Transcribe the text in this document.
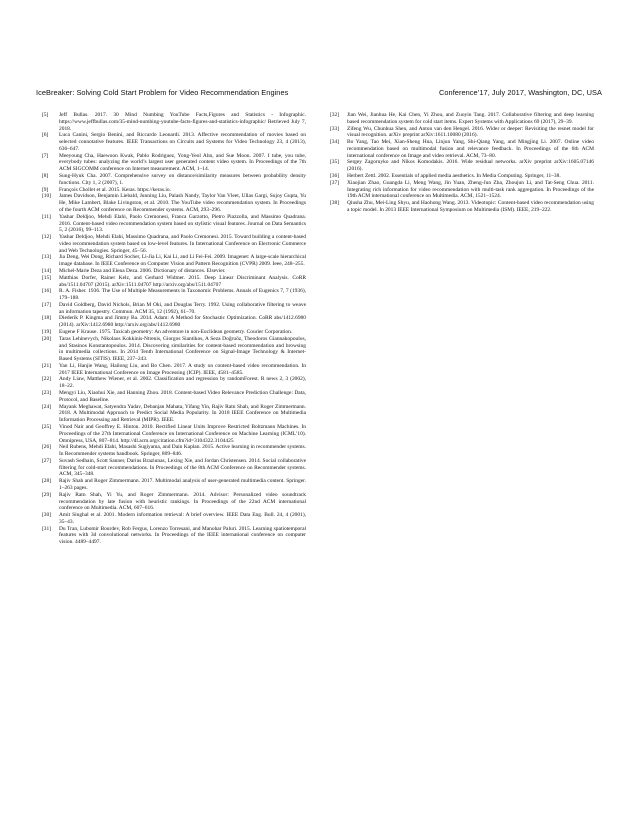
IceBreaker: Solving Cold Start Problem for Video Recommendation Engines	Conference’17, July 2017, Washington, DC, USA
[5]	Jeff Bullas. 2017. 30 Mind Numbing YouTube Facts,Figures and Statistics - Infographic. https://www.jeffbullas.com/35-mind-numbing-youtube-facts-figures-and-statistics-infographic/ Retrieved July 7, 2018.
[6]	Luca Canini, Sergio Benini, and Riccardo Leonardi. 2013. Affective recommendation of movies based on selected connotative features. IEEE Transactions on Circuits and Systems for Video Technology 23, 4 (2013), 636–647.
[7]	Meeyoung Cha, Haewoon Kwak, Pablo Rodriguez, Yong-Yeol Ahn, and Sue Moon. 2007. I tube, you tube, everybody tubes: analyzing the world’s largest user generated content video system. In Proceedings of the 7th ACM SIGCOMM conference on Internet measurement. ACM, 1–14.
[8]	Sung-Hyuk Cha. 2007. Comprehensive survey on distance/similarity measures between probability density functions. City 1, 2 (2007), 1.
[9]	François Chollet et al. 2015. Keras. https://keras.io.
[10]	James Davidson, Benjamin Liebald, Junning Liu, Palash Nandy, Taylor Van Vleet, Ullas Gargi, Sujoy Gupta, Yu He, Mike Lambert, Blake Livingston, et al. 2010. The YouTube video recommendation system. In Proceedings of the fourth ACM conference on Recommender systems. ACM, 293–296.
[11]	Yashar Deldjoo, Mehdi Elahi, Paolo Cremonesi, Franca Garzotto, Pietro Piazzolla, and Massimo Quadrana. 2016. Content-based video recommendation system based on stylistic visual features. Journal on Data Semantics 5, 2 (2016), 99–113.
[12]	Yashar Deldjoo, Mehdi Elahi, Massimo Quadrana, and Paolo Cremonesi. 2015. Toward building a content-based video recommendation system based on low-level features. In International Conference on Electronic Commerce and Web Technologies. Springer, 45–56.
[13]	Jia Deng, Wei Dong, Richard Socher, Li-Jia Li, Kai Li, and Li Fei-Fei. 2009. Imagenet: A large-scale hierarchical image database. In IEEE Conference on Computer Vision and Pattern Recognition (CVPR) 2009. Ieee, 248–255.
[14]	Michel-Marie Deza and Elena Deza. 2006. Dictionary of distances. Elsevier.
[15]	Matthias Dorfer, Rainer Kelz, and Gerhard Widmer. 2015. Deep Linear Discriminant Analysis. CoRR abs/1511.04707 (2015). arXiv:1511.04707 http://arxiv.org/abs/1511.04707
[16]	R. A. Fisher. 1936. The Use of Multiple Measurements in Taxonomic Problems. Annals of Eugenics 7, 7 (1936), 179–188.
[17]	David Goldberg, David Nichols, Brian M Oki, and Douglas Terry. 1992. Using collaborative filtering to weave an information tapestry. Commun. ACM 35, 12 (1992), 61–70.
[18]	Diederik P. Kingma and Jimmy Ba. 2014. Adam: A Method for Stochastic Optimization. CoRR abs/1412.6980 (2014). arXiv:1412.6980 http://arxiv.org/abs/1412.6980
[19]	Eugene F Krause. 1975. Taxicab geometry: An adventure in non-Euclidean geometry. Courier Corporation.
[20]	Taras Lehinevych, Nikolaos Kokkinis-Ntrenis, Giorgos Siantikos, A Seza Doğruöz, Theodoros Giannakopoulos, and Stasinos Konstantopoulos. 2014. Discovering similarities for content-based recommendation and browsing in multimedia collections. In 2014 Tenth International Conference on Signal-Image Technology & Internet-Based Systems (SITIS). IEEE, 237–243.
[21]	Yan Li, Hanjie Wang, Hailong Liu, and Bo Chen. 2017. A study on content-based video recommendation. In 2017 IEEE International Conference on Image Processing (ICIP). IEEE, 4581–4585.
[22]	Andy Liaw, Matthew Wiener, et al. 2002. Classification and regression by randomForest. R news 2, 3 (2002), 18–22.
[23]	Mengyi Liu, Xiaohui Xie, and Hanning Zhou. 2018. Content-based Video Relevance Prediction Challenge: Data, Protocol, and Baseline.
[24]	Mayank Meghawat, Satyendra Yadav, Debanjan Mahata, Yifang Yin, Rajiv Ratn Shah, and Roger Zimmermann. 2018. A Multimodal Approach to Predict Social Media Popularity. In 2018 IEEE Conference on Multimedia Information Processing and Retrieval (MIPR). IEEE.
[25]	Vinod Nair and Geoffrey E. Hinton. 2010. Rectified Linear Units Improve Restricted Boltzmann Machines. In Proceedings of the 27th International Conference on International Conference on Machine Learning (ICML’10). Omnipress, USA, 807–814. http://dl.acm.org/citation.cfm?id=3104322.3104425
[26]	Neil Rubens, Mehdi Elahi, Masashi Sugiyama, and Dain Kaplan. 2015. Active learning in recommender systems. In Recommender systems handbook. Springer, 809–846.
[27]	Suvash Sedhain, Scott Sanner, Darius Braziunas, Lexing Xie, and Jordan Christensen. 2014. Social collaborative filtering for cold-start recommendations. In Proceedings of the 8th ACM Conference on Recommender systems. ACM, 345–348.
[28]	Rajiv Shah and Roger Zimmermann. 2017. Multimodal analysis of user-generated multimedia content. Springer. 1–263 pages.
[29]	Rajiv Ratn Shah, Yi Yu, and Roger Zimmermann. 2014. Advisor: Personalized video soundtrack recommendation by late fusion with heuristic rankings. In Proceedings of the 22nd ACM international conference on Multimedia. ACM, 607–616.
[30]	Amit Singhal et al. 2001. Modern information retrieval: A brief overview. IEEE Data Eng. Bull. 24, 4 (2001), 35–43.
[31]	Du Tran, Lubomir Bourdev, Rob Fergus, Lorenzo Torresani, and Manohar Paluri. 2015. Learning spatiotemporal features with 3d convolutional networks. In Proceedings of the IEEE international conference on computer vision. 4489–4497.
[32]	Jian Wei, Jianhua He, Kai Chen, Yi Zhou, and Zuoyin Tang. 2017. Collaborative filtering and deep learning based recommendation system for cold start items. Expert Systems with Applications 69 (2017), 29–39.
[33]	Zifeng Wu, Chunhua Shen, and Anton van den Hengel. 2016. Wider or deeper: Revisiting the resnet model for visual recognition. arXiv preprint arXiv:1611.10080 (2016).
[34]	Bo Yang, Tao Mei, Xian-Sheng Hua, Linjun Yang, Shi-Qiang Yang, and Mingjing Li. 2007. Online video recommendation based on multimodal fusion and relevance feedback. In Proceedings of the 6th ACM international conference on Image and video retrieval. ACM, 73–80.
[35]	Sergey Zagoruyko and Nikos Komodakis. 2016. Wide residual networks. arXiv preprint arXiv:1605.07146 (2016).
[36]	Herbert Zettl. 2002. Essentials of applied media aesthetics. In Media Computing. Springer, 11–38.
[37]	Xiaojian Zhao, Guangda Li, Meng Wang, Jin Yuan, Zheng-Jun Zha, Zhoujun Li, and Tat-Seng Chua. 2011. Integrating rich information for video recommendation with multi-task rank aggregation. In Proceedings of the 19th ACM international conference on Multimedia. ACM, 1521–1524.
[38]	Qiusha Zhu, Mei-Ling Shyu, and Haohong Wang. 2013. Videotopic: Content-based video recommendation using a topic model. In 2013 IEEE International Symposium on Multimedia (ISM). IEEE, 219–222.
